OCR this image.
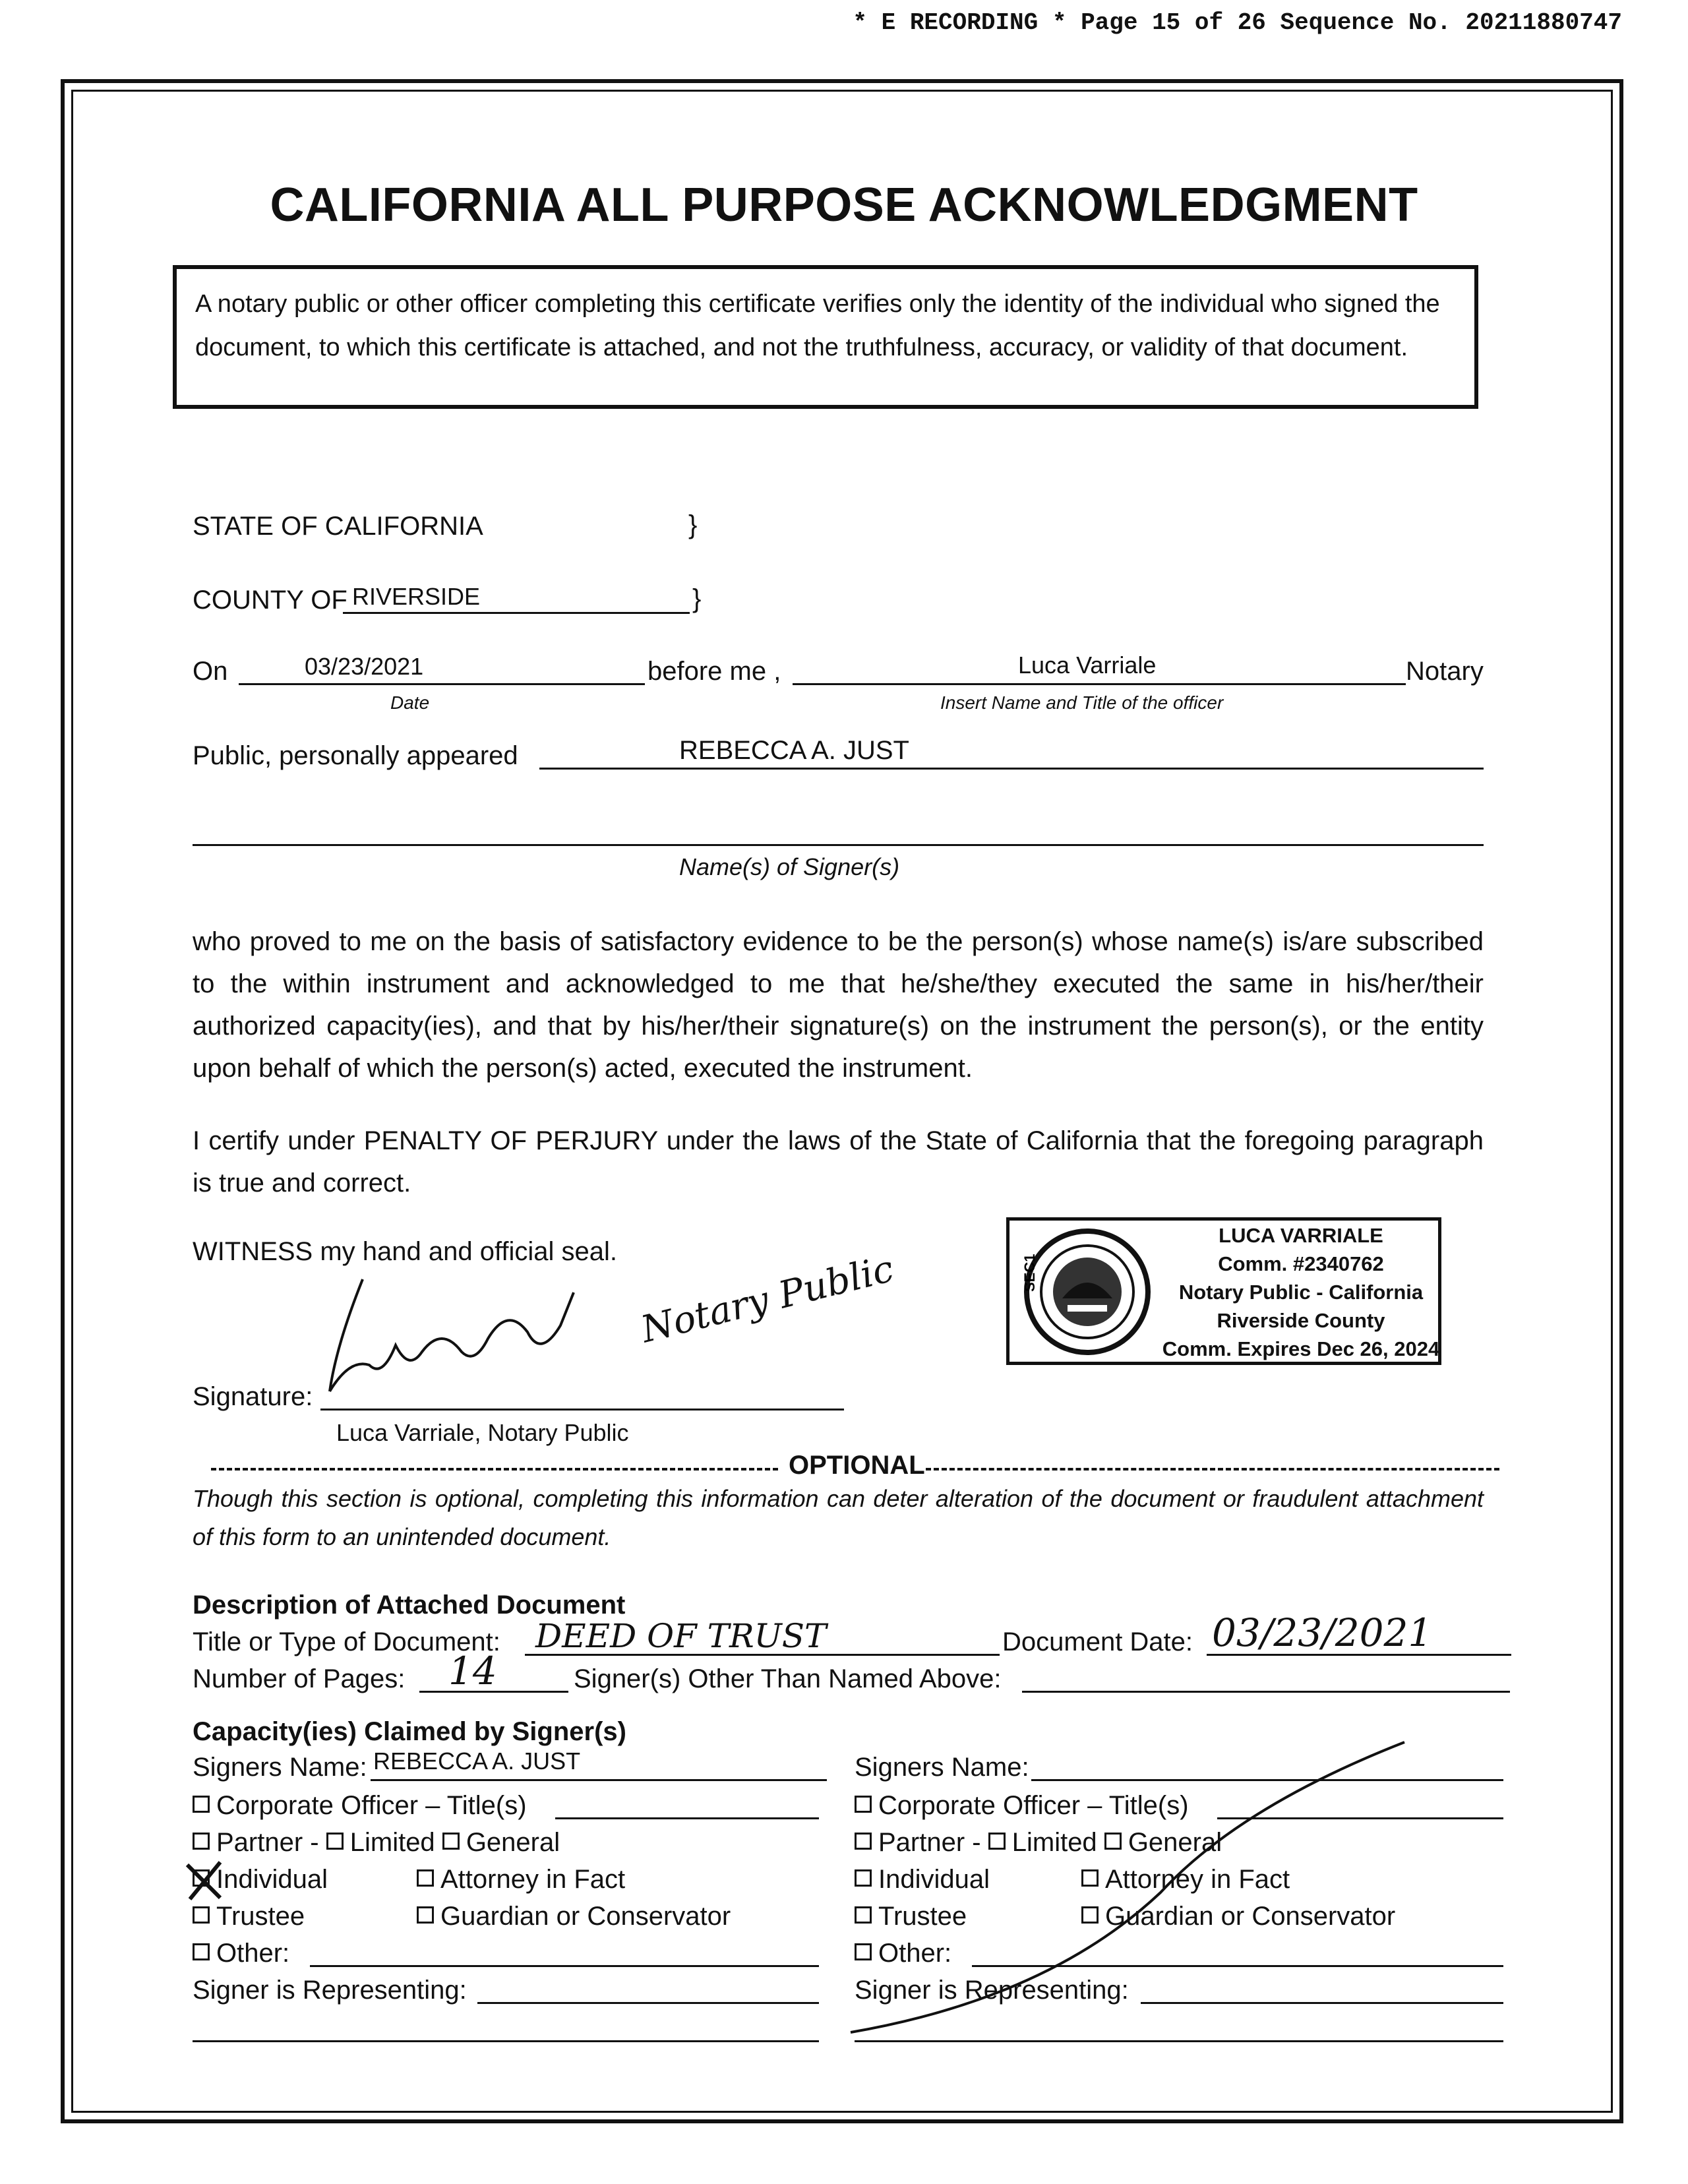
* E RECORDING * Page 15 of 26 Sequence No. 20211880747
CALIFORNIA ALL PURPOSE ACKNOWLEDGMENT
A notary public or other officer completing this certificate verifies only the identity of the individual who signed the document, to which this certificate is attached, and not the truthfulness, accuracy, or validity of that document.
STATE OF CALIFORNIA	}
COUNTY OF RIVERSIDE	}
On	03/23/2021
Date
before me ,	Luca Varriale
Insert Name and Title of the officer
Notary
Public, personally appeared	REBECCA A. JUST
Name(s) of Signer(s)
who proved to me on the basis of satisfactory evidence to be the person(s) whose name(s) is/are subscribed to the within instrument and acknowledged to me that he/she/they executed the same in his/her/their authorized capacity(ies), and that by his/her/their signature(s) on the instrument the person(s), or the entity upon behalf of which the person(s) acted, executed the instrument.
I certify under PENALTY OF PERJURY under the laws of the State of California that the foregoing paragraph is true and correct.
WITNESS my hand and official seal.
SEC1
LUCA VARRIALE
Comm. #2340762
Notary Public - California
Riverside County
Comm. Expires Dec 26, 2024
Signature:
Notary Public
Luca Varriale, Notary Public
OPTIONAL
Though this section is optional, completing this information can deter alteration of the document or fraudulent attachment of this form to an unintended document.
Description of Attached Document
Title or Type of Document: DEED OF TRUST	Document Date: 03/23/2021
Number of Pages: 14	Signer(s) Other Than Named Above:
Capacity(ies) Claimed by Signer(s)
Signers Name: REBECCA A. JUST
Corporate Officer – Title(s)
Partner - Limited General
Individual	Attorney in Fact
Trustee	Guardian or Conservator
Other:
Signer is Representing:
Signers Name:
Corporate Officer – Title(s)
Partner - Limited General
Individual	Attorney in Fact
Trustee	Guardian or Conservator
Other:
Signer is Representing:
